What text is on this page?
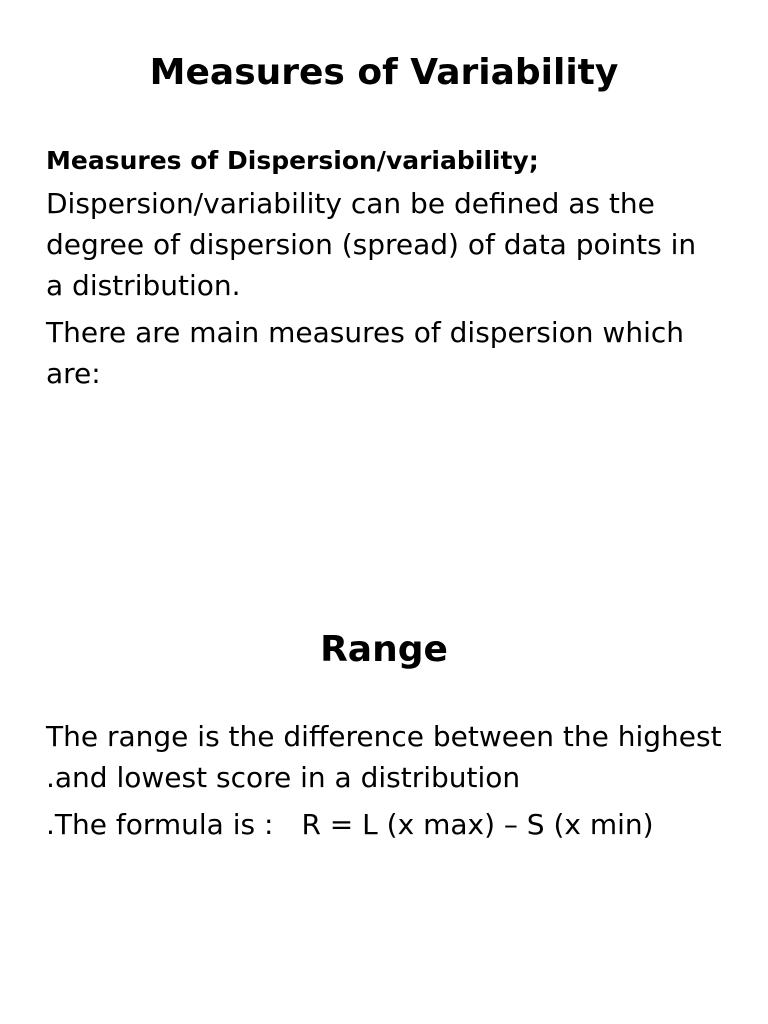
Measures of Variability

Measures of Dispersion/variability;

Dispersion/variability can be defined as the
degree of dispersion (spread) of data points in
a distribution.

There are main measures of dispersion which
are:

Range

The range is the difference between the highest
.and lowest score in a distribution

.The formula is : R = L (x max) – S (x min)
